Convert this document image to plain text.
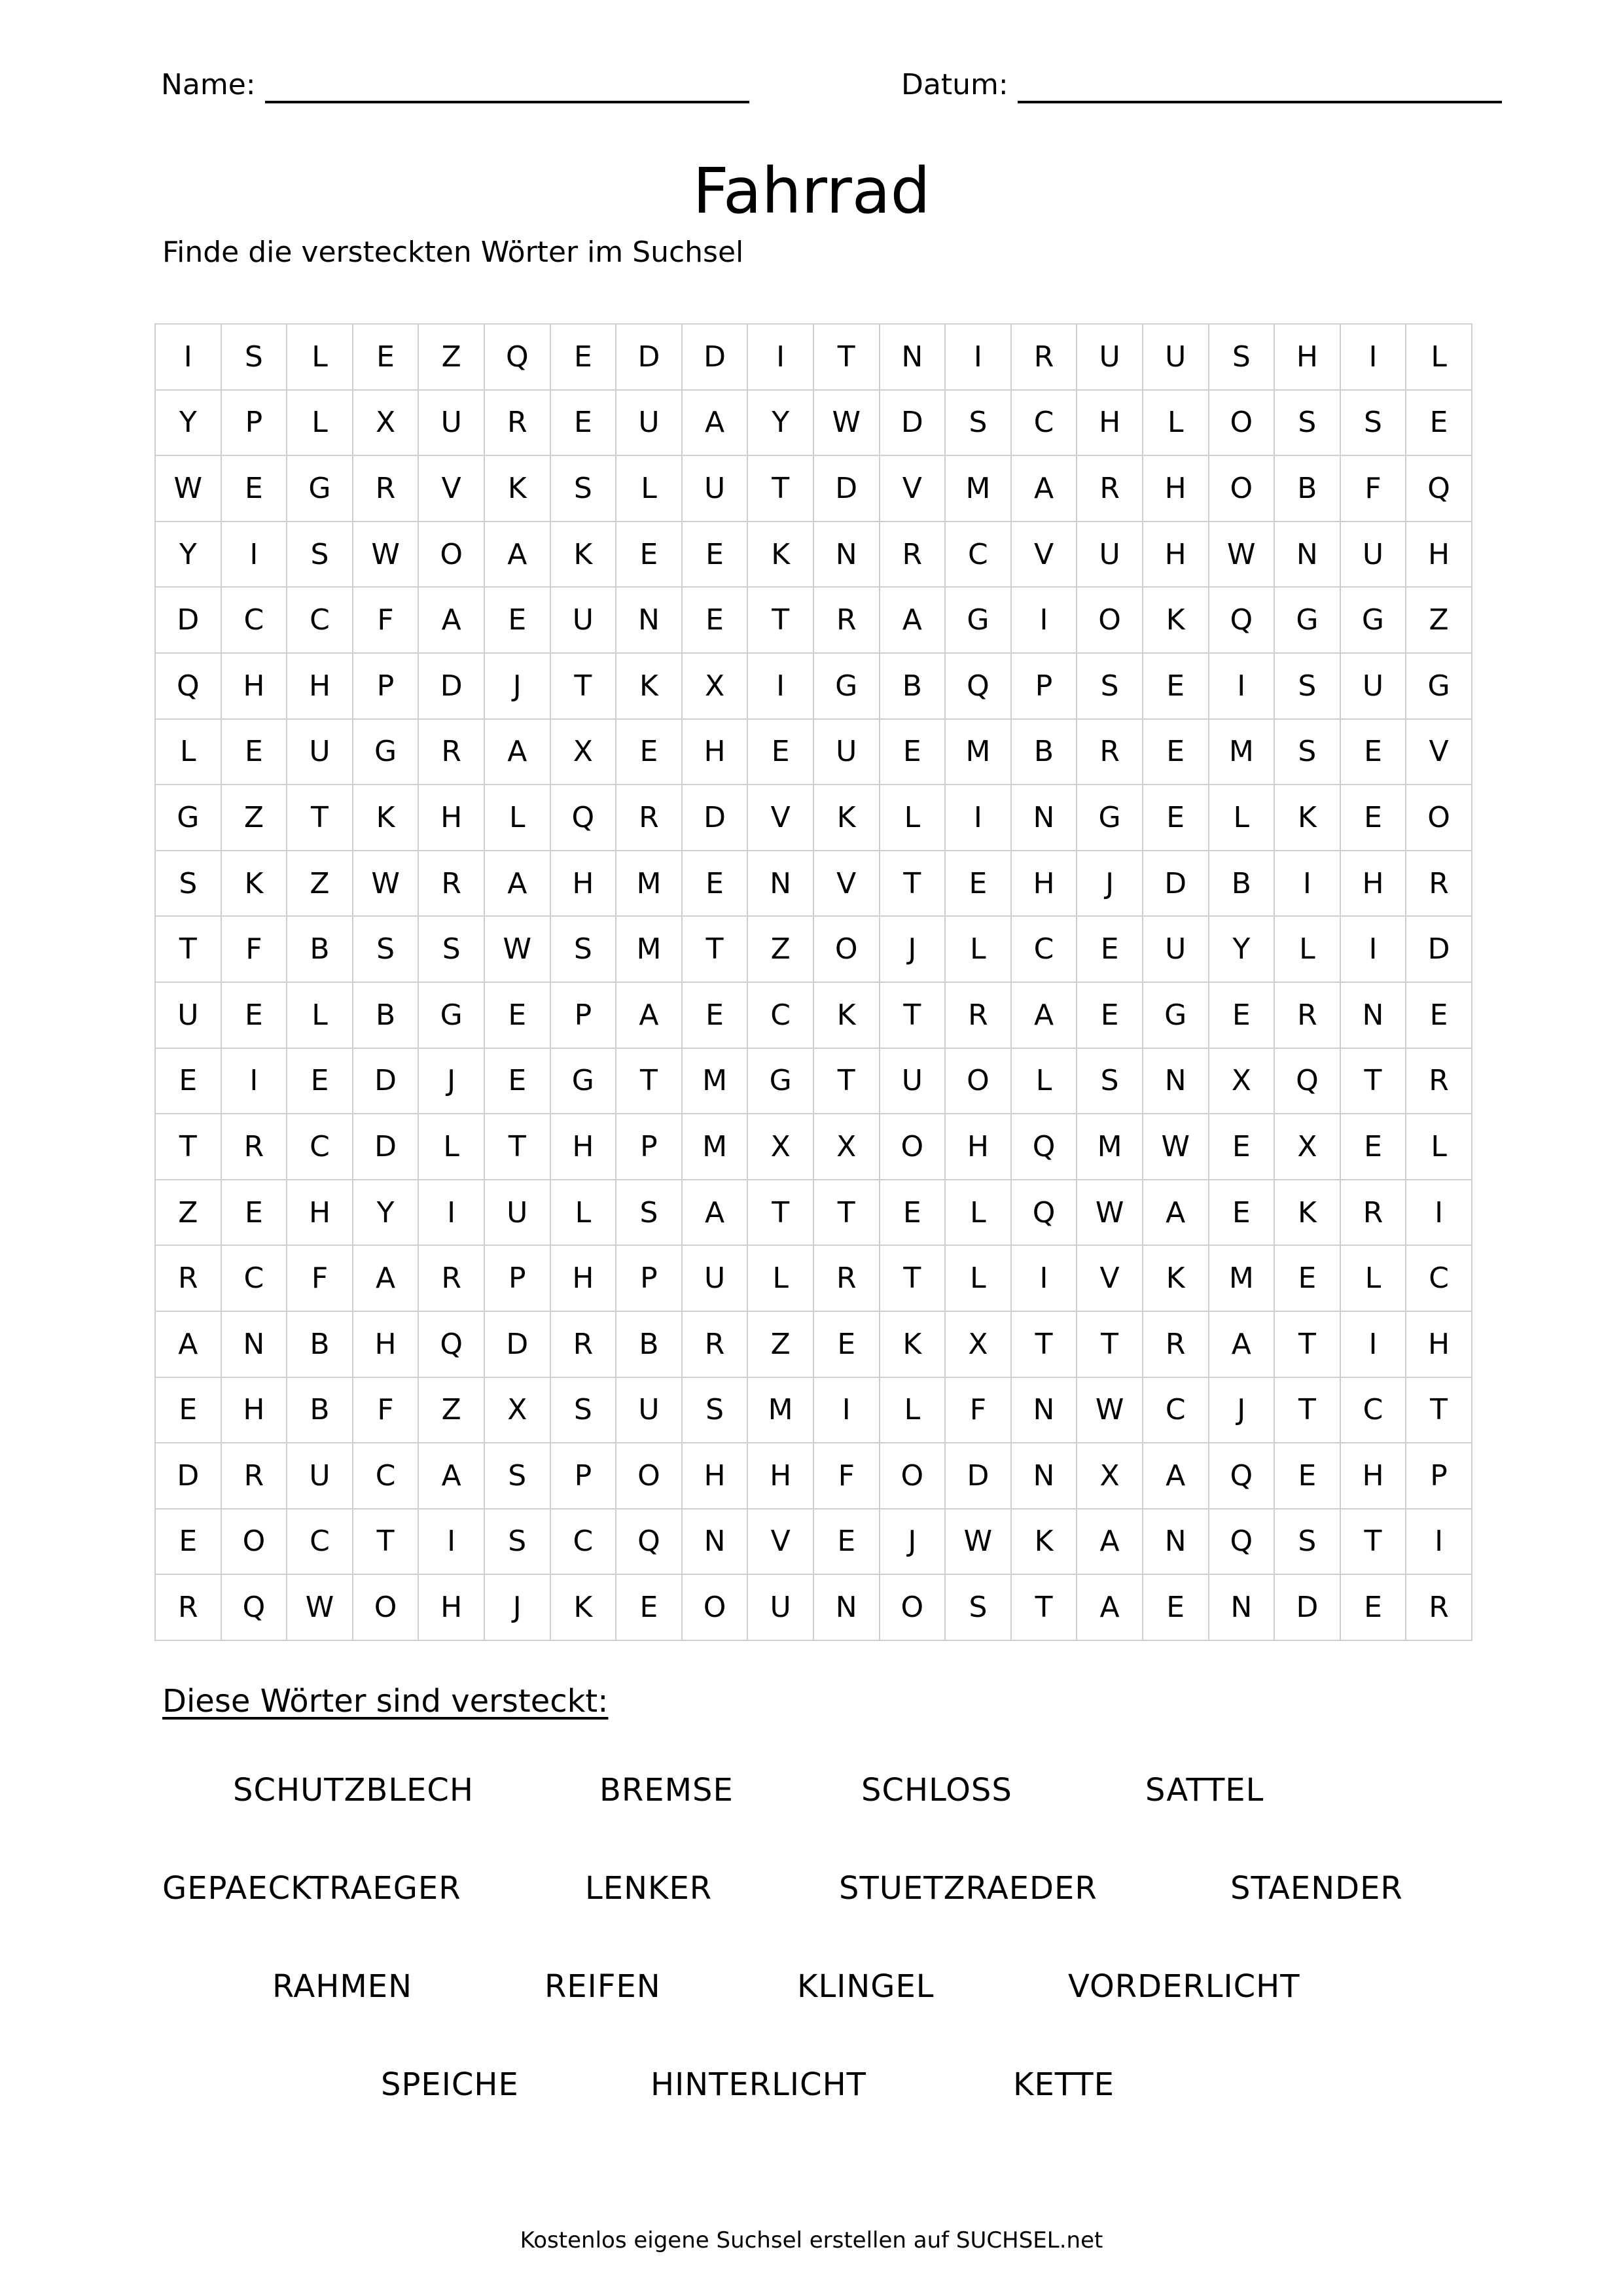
Name:	Datum:
Fahrrad
Finde die versteckten Wörter im Suchsel
I	S	L	E	Z	Q	E	D	D	I	T	N	I	R	U	U	S	H	I	L
Y	P	L	X	U	R	E	U	A	Y	W	D	S	C	H	L	O	S	S	E
W	E	G	R	V	K	S	L	U	T	D	V	M	A	R	H	O	B	F	Q
Y	I	S	W	O	A	K	E	E	K	N	R	C	V	U	H	W	N	U	H
D	C	C	F	A	E	U	N	E	T	R	A	G	I	O	K	Q	G	G	Z
Q	H	H	P	D	J	T	K	X	I	G	B	Q	P	S	E	I	S	U	G
L	E	U	G	R	A	X	E	H	E	U	E	M	B	R	E	M	S	E	V
G	Z	T	K	H	L	Q	R	D	V	K	L	I	N	G	E	L	K	E	O
S	K	Z	W	R	A	H	M	E	N	V	T	E	H	J	D	B	I	H	R
T	F	B	S	S	W	S	M	T	Z	O	J	L	C	E	U	Y	L	I	D
U	E	L	B	G	E	P	A	E	C	K	T	R	A	E	G	E	R	N	E
E	I	E	D	J	E	G	T	M	G	T	U	O	L	S	N	X	Q	T	R
T	R	C	D	L	T	H	P	M	X	X	O	H	Q	M	W	E	X	E	L
Z	E	H	Y	I	U	L	S	A	T	T	E	L	Q	W	A	E	K	R	I
R	C	F	A	R	P	H	P	U	L	R	T	L	I	V	K	M	E	L	C
A	N	B	H	Q	D	R	B	R	Z	E	K	X	T	T	R	A	T	I	H
E	H	B	F	Z	X	S	U	S	M	I	L	F	N	W	C	J	T	C	T
D	R	U	C	A	S	P	O	H	H	F	O	D	N	X	A	Q	E	H	P
E	O	C	T	I	S	C	Q	N	V	E	J	W	K	A	N	Q	S	T	I
R	Q	W	O	H	J	K	E	O	U	N	O	S	T	A	E	N	D	E	R
Diese Wörter sind versteckt:
SCHUTZBLECH	BREMSE	SCHLOSS	SATTEL
GEPAECKTRAEGER	LENKER	STUETZRAEDER	STAENDER
RAHMEN	REIFEN	KLINGEL	VORDERLICHT
SPEICHE	HINTERLICHT	KETTE
Kostenlos eigene Suchsel erstellen auf SUCHSEL.net
